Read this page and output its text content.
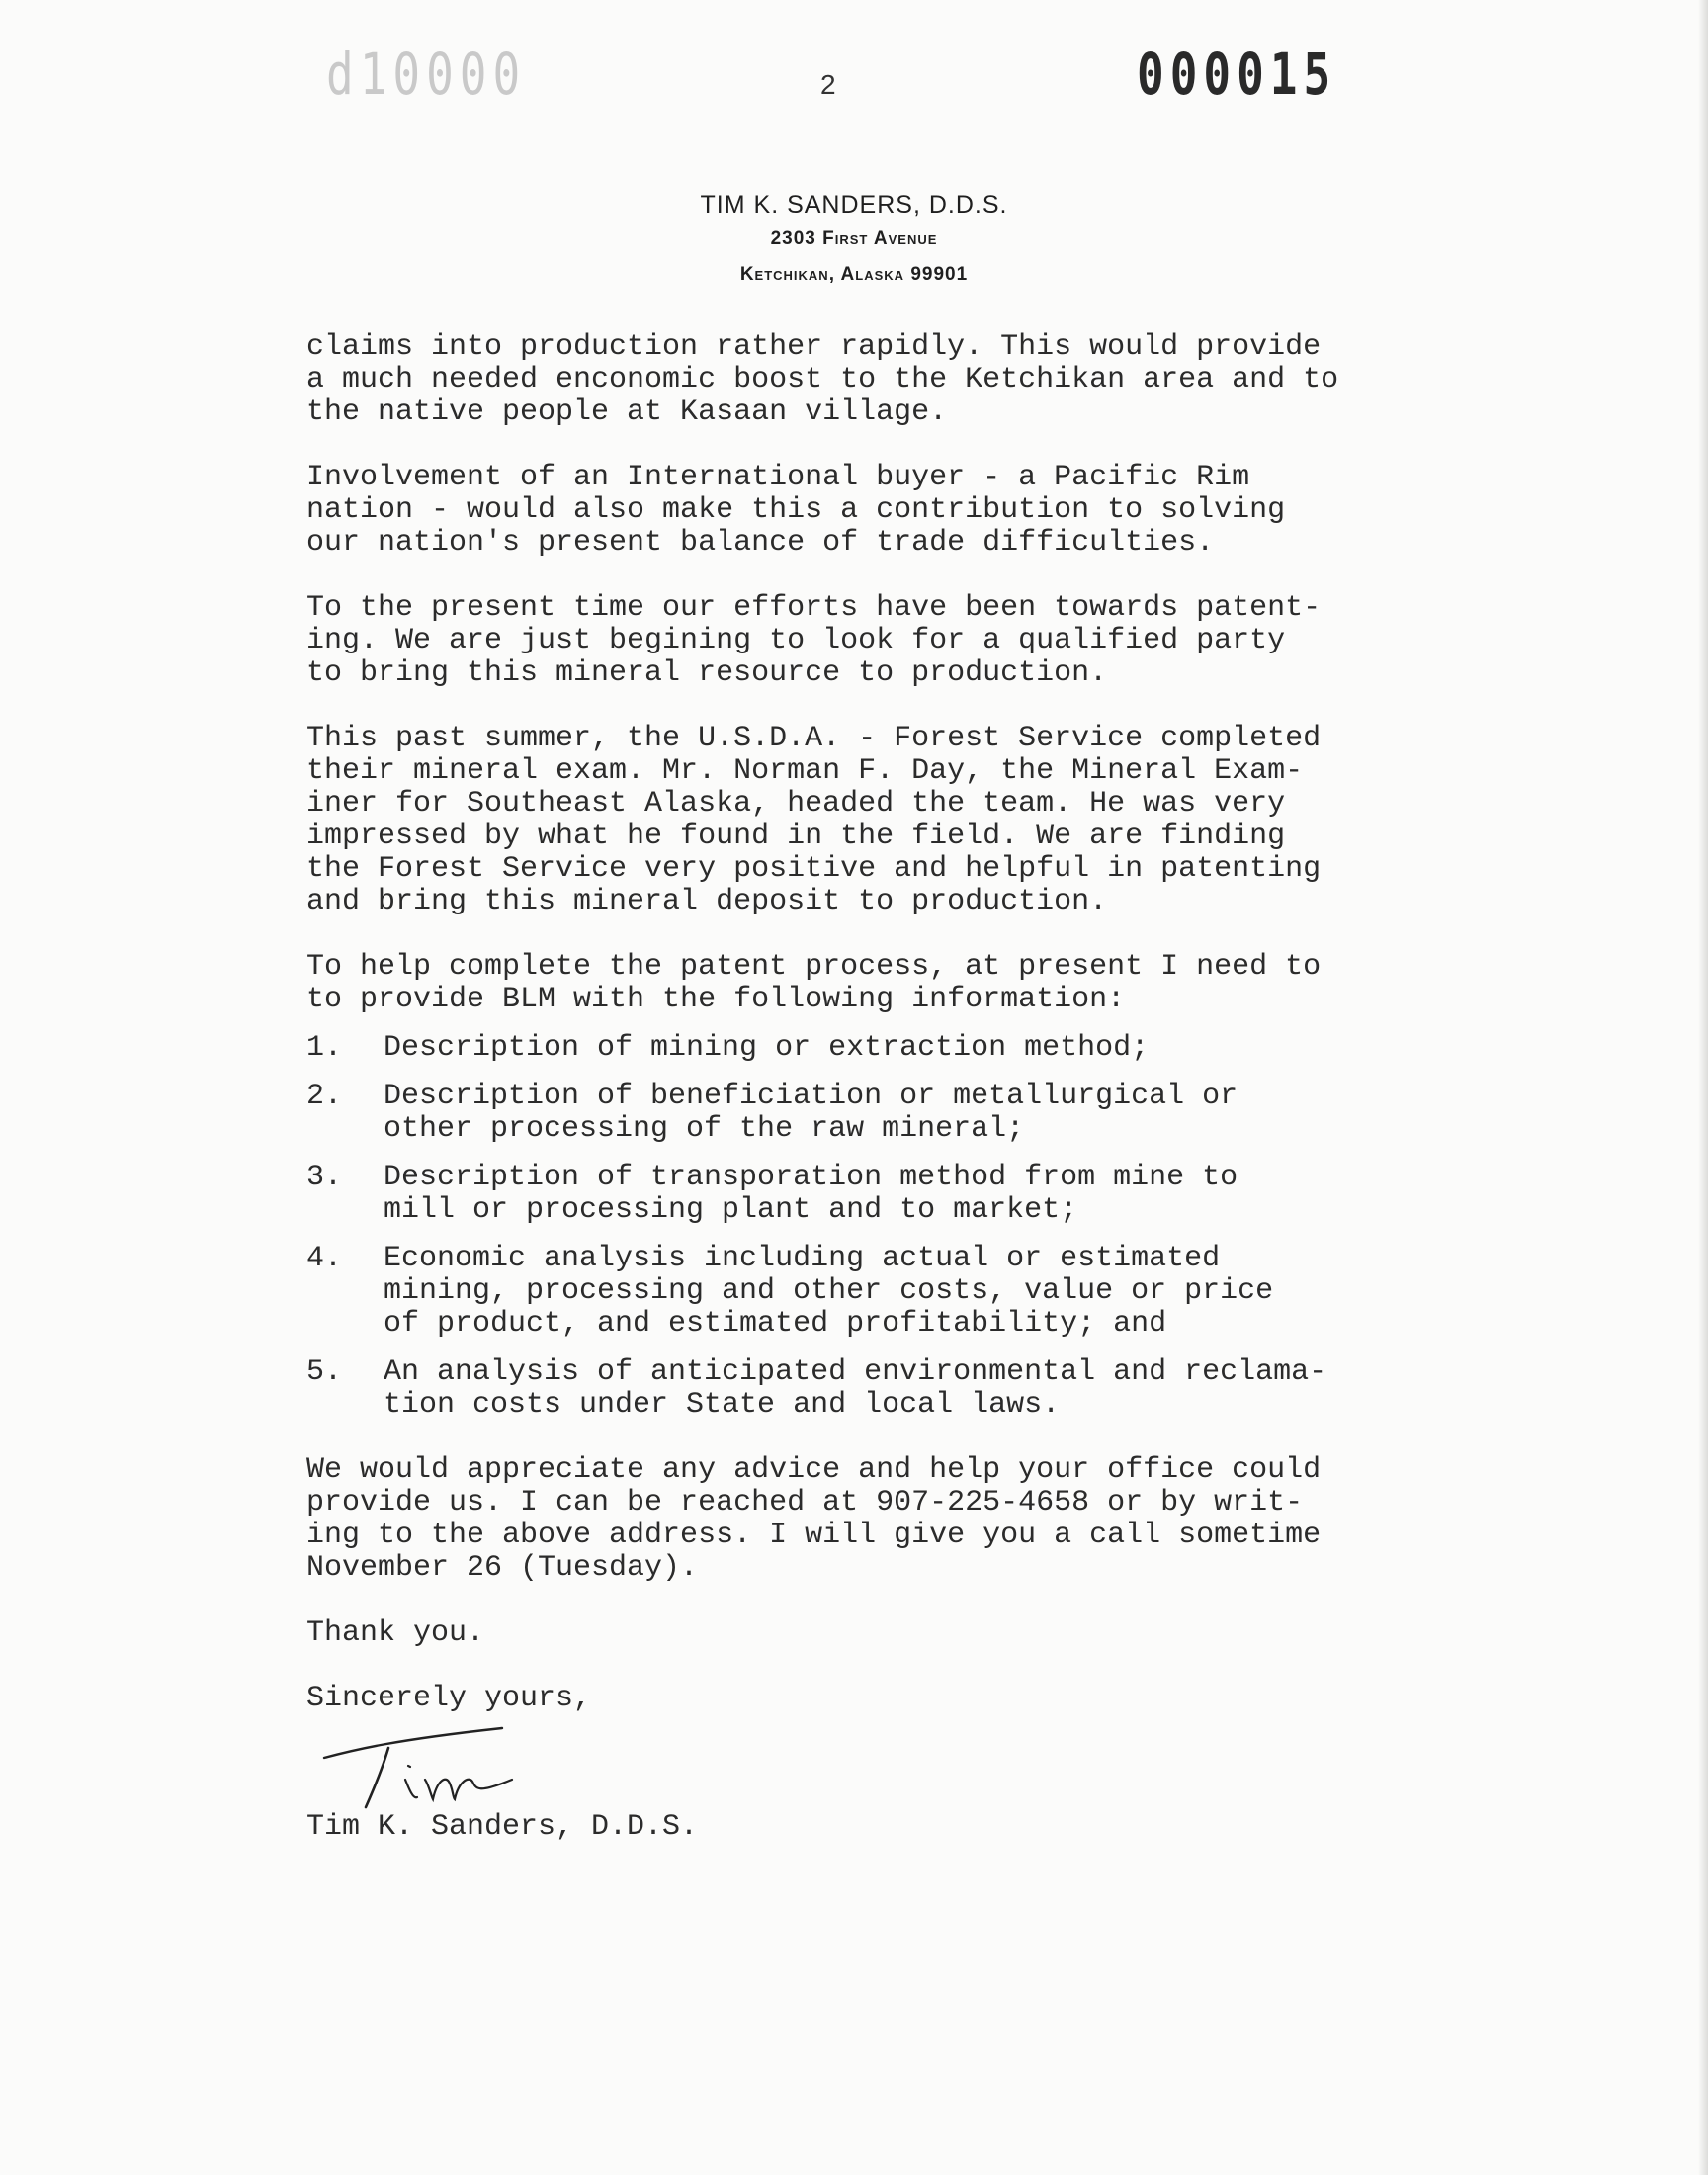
d10000	2	000015
TIM K. SANDERS, D.D.S.
2303 First Avenue
Ketchikan, Alaska 99901
claims into production rather rapidly. This would provide
a much needed enconomic boost to the Ketchikan area and to
the native people at Kasaan village.
Involvement of an International buyer - a Pacific Rim
nation - would also make this a contribution to solving
our nation's present balance of trade difficulties.
To the present time our efforts have been towards patent-
ing. We are just begining to look for a qualified party
to bring this mineral resource to production.
This past summer, the U.S.D.A. - Forest Service completed
their mineral exam. Mr. Norman F. Day, the Mineral Exam-
iner for Southeast Alaska, headed the team. He was very
impressed by what he found in the field. We are finding
the Forest Service very positive and helpful in patenting
and bring this mineral deposit to production.
To help complete the patent process, at present I need to
to provide BLM with the following information:
1.	Description of mining or extraction method;
2.	Description of beneficiation or metallurgical or
other processing of the raw mineral;
3.	Description of transporation method from mine to
mill or processing plant and to market;
4.	Economic analysis including actual or estimated
mining, processing and other costs, value or price
of product, and estimated profitability; and
5.	An analysis of anticipated environmental and reclama-
tion costs under State and local laws.
We would appreciate any advice and help your office could
provide us. I can be reached at 907-225-4658 or by writ-
ing to the above address. I will give you a call sometime
November 26 (Tuesday).
Thank you.
Sincerely yours,
Tim K. Sanders, D.D.S.
